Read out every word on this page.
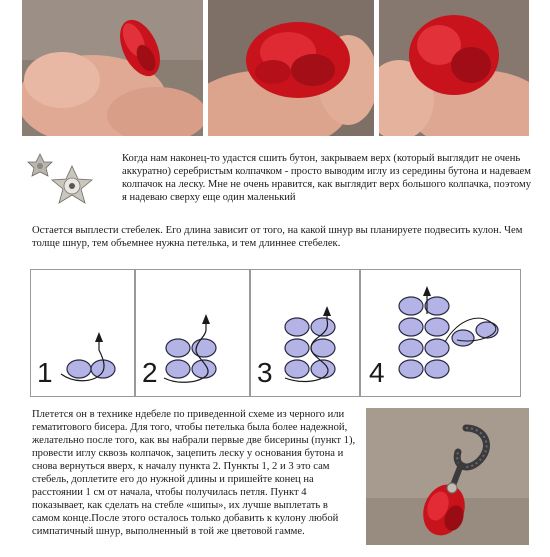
Когда нам наконец-то удастся сшить бутон, закрываем верх (который выглядит не очень аккуратно) серебристым колпачком - просто выводим иглу из середины бутона и надеваем колпачок на леску. Мне не очень нравится, как выглядит верх большого колпачка, поэтому я надеваю сверху еще один маленький

Остается выплести стебелек. Его длина зависит от того, на какой шнур вы планируете подвесить кулон. Чем толще шнур, тем объемнее нужна петелька, и тем длиннее стебелек.

1	2	3	4

Плетется он в технике ндебеле по приведенной схеме из черного или гематитового бисера. Для того, чтобы петелька была более надежной, желательно после того, как вы набрали первые две бисерины (пункт 1), провести иглу сквозь колпачок, зацепить леску у основания бутона и снова вернуться вверх, к началу пункта 2. Пункты 1, 2 и 3 это сам стебель, доплетите его до нужной длины и пришейте конец на расстоянии 1 см от начала, чтобы получилась петля. Пункт 4 показывает, как сделать на стебле «шипы», их лучше выплетать в самом конце.После этого осталось только добавить к кулону любой симпатичный шнур, выполненный в той же цветовой гамме.
